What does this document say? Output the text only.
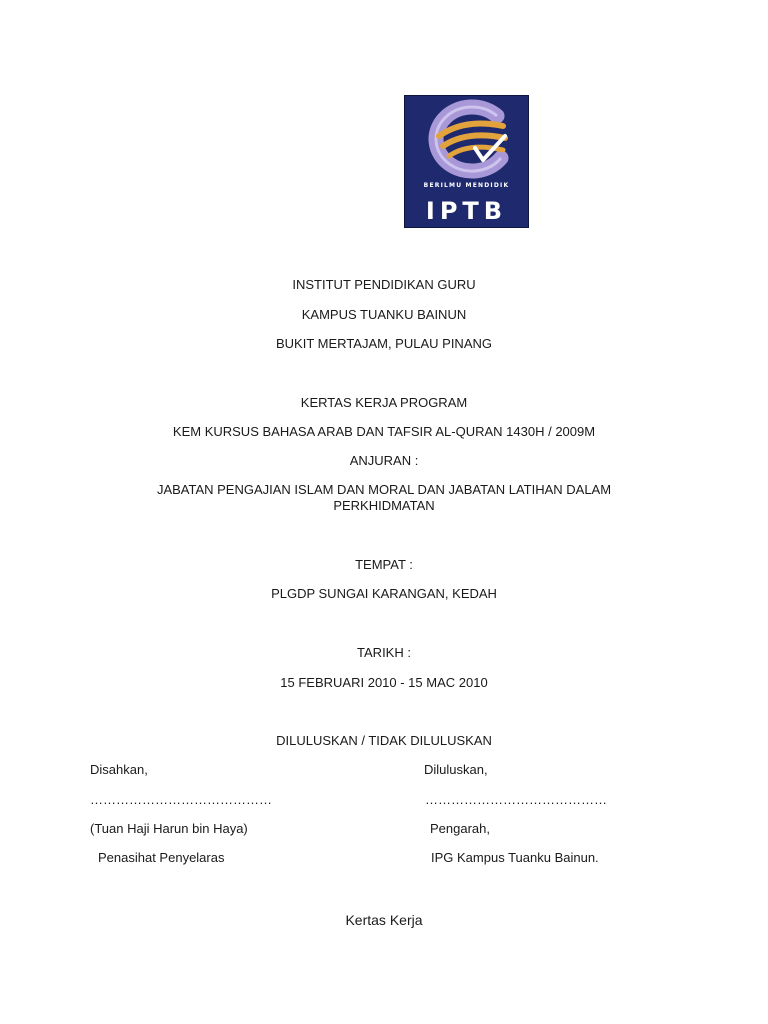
BERILMU MENDIDIK
IPTB

INSTITUT PENDIDIKAN GURU

KAMPUS TUANKU BAINUN

BUKIT MERTAJAM, PULAU PINANG

KERTAS KERJA PROGRAM

KEM KURSUS BAHASA ARAB DAN TAFSIR AL-QURAN 1430H / 2009M

ANJURAN :

JABATAN PENGAJIAN ISLAM DAN MORAL DAN JABATAN LATIHAN DALAM

PERKHIDMATAN

TEMPAT :

PLGDP SUNGAI KARANGAN, KEDAH

TARIKH :

15 FEBRUARI 2010 - 15 MAC 2010

DILULUSKAN / TIDAK DILULUSKAN

Disahkan,

……………………………………

(Tuan Haji Harun bin Haya)

Penasihat Penyelaras

Diluluskan,

……………………………………

Pengarah,

IPG Kampus Tuanku Bainun.

Kertas Kerja
